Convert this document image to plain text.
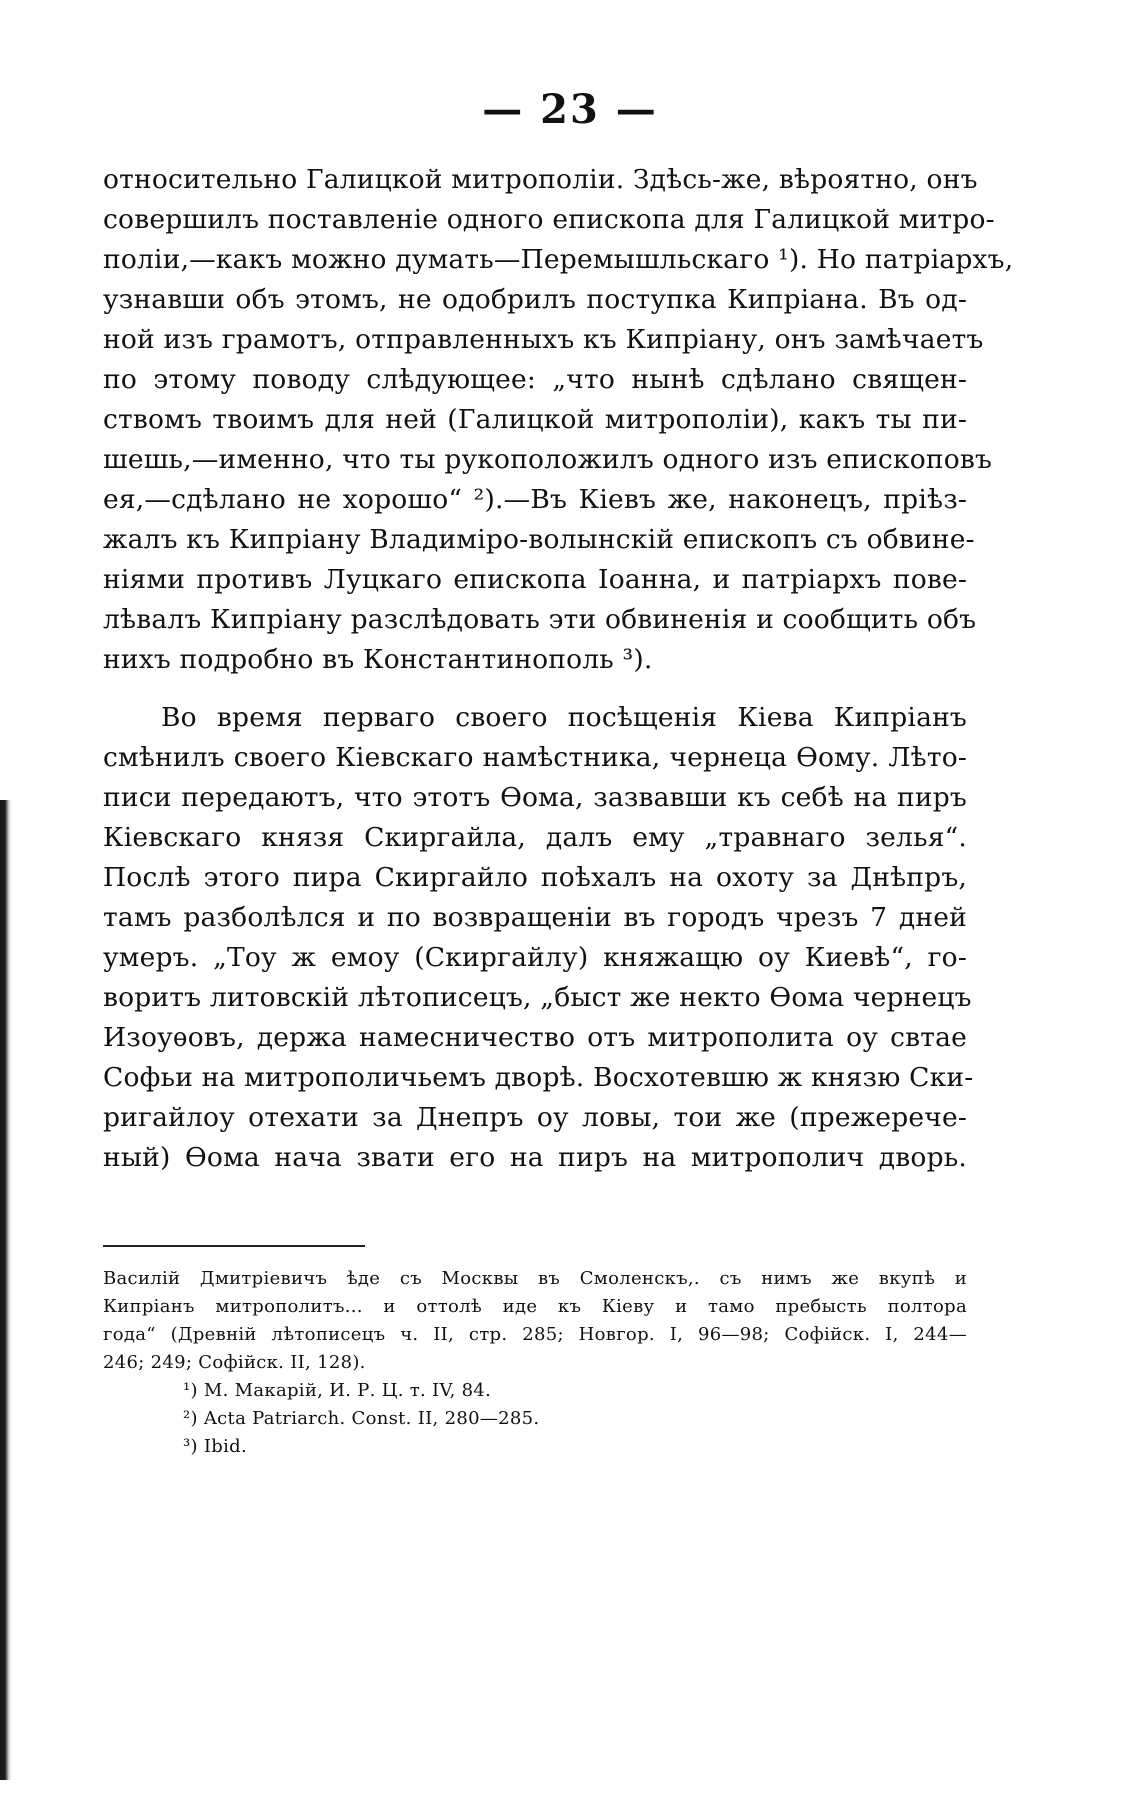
— 23 —
относительно Галицкой митрополіи. Здѣсь-же, вѣроятно, онъ
совершилъ поставленіе одного епископа для Галицкой митро-
поліи,—какъ можно думать—Перемышльскаго ¹). Но патріархъ,
узнавши объ этомъ, не одобрилъ поступка Кипріана. Въ од-
ной изъ грамотъ, отправленныхъ къ Кипріану, онъ замѣчаетъ
по этому поводу слѣдующее: „что нынѣ сдѣлано священ-
ствомъ твоимъ для ней (Галицкой митрополіи), какъ ты пи-
шешь,—именно, что ты рукоположилъ одного изъ епископовъ
ея,—сдѣлано не хорошо“ ²).—Въ Кіевъ же, наконецъ, пріѣз-
жалъ къ Кипріану Владиміро-волынскій епископъ съ обвине-
ніями противъ Луцкаго епископа Іоанна, и патріархъ пове-
лѣвалъ Кипріану разслѣдовать эти обвиненія и сообщить объ
нихъ подробно въ Константинополь ³).
Во время перваго своего посѣщенія Кіева Кипріанъ
смѣнилъ своего Кіевскаго намѣстника, чернеца Ѳому. Лѣто-
писи передаютъ, что этотъ Ѳома, зазвавши къ себѣ на пиръ
Кіевскаго князя Скиргайла, далъ ему „травнаго зелья“.
Послѣ этого пира Скиргайло поѣхалъ на охоту за Днѣпръ,
тамъ разболѣлся и по возвращеніи въ городъ чрезъ 7 дней
умеръ. „Тоу ж емоу (Скиргайлу) княжащю оу Киевѣ“, го-
воритъ литовскій лѣтописецъ, „быст же некто Ѳома чернецъ
Изоуѳовъ, держа намесничество отъ митрополита оу свтае
Софьи на митрополичьемъ дворѣ. Восхотевшю ж князю Ски-
ригайлоу отехати за Днепръ оу ловы, тои же (прежерече-
ный) Ѳома нача звати его на пиръ на митрополич дворь.
Василій Дмитріевичъ ѣде съ Москвы въ Смоленскъ,. съ нимъ же вкупѣ и
Кипріанъ митрополитъ... и оттолѣ иде къ Кіеву и тамо пребысть полтора
года“ (Древній лѣтописецъ ч. II, стр. 285; Новгор. I, 96—98; Софійск. I, 244—
246; 249; Софійск. II, 128).
¹) М. Макарій, И. Р. Ц. т. IV, 84.
²) Acta Patriarch. Const. II, 280—285.
³) Ibid.
